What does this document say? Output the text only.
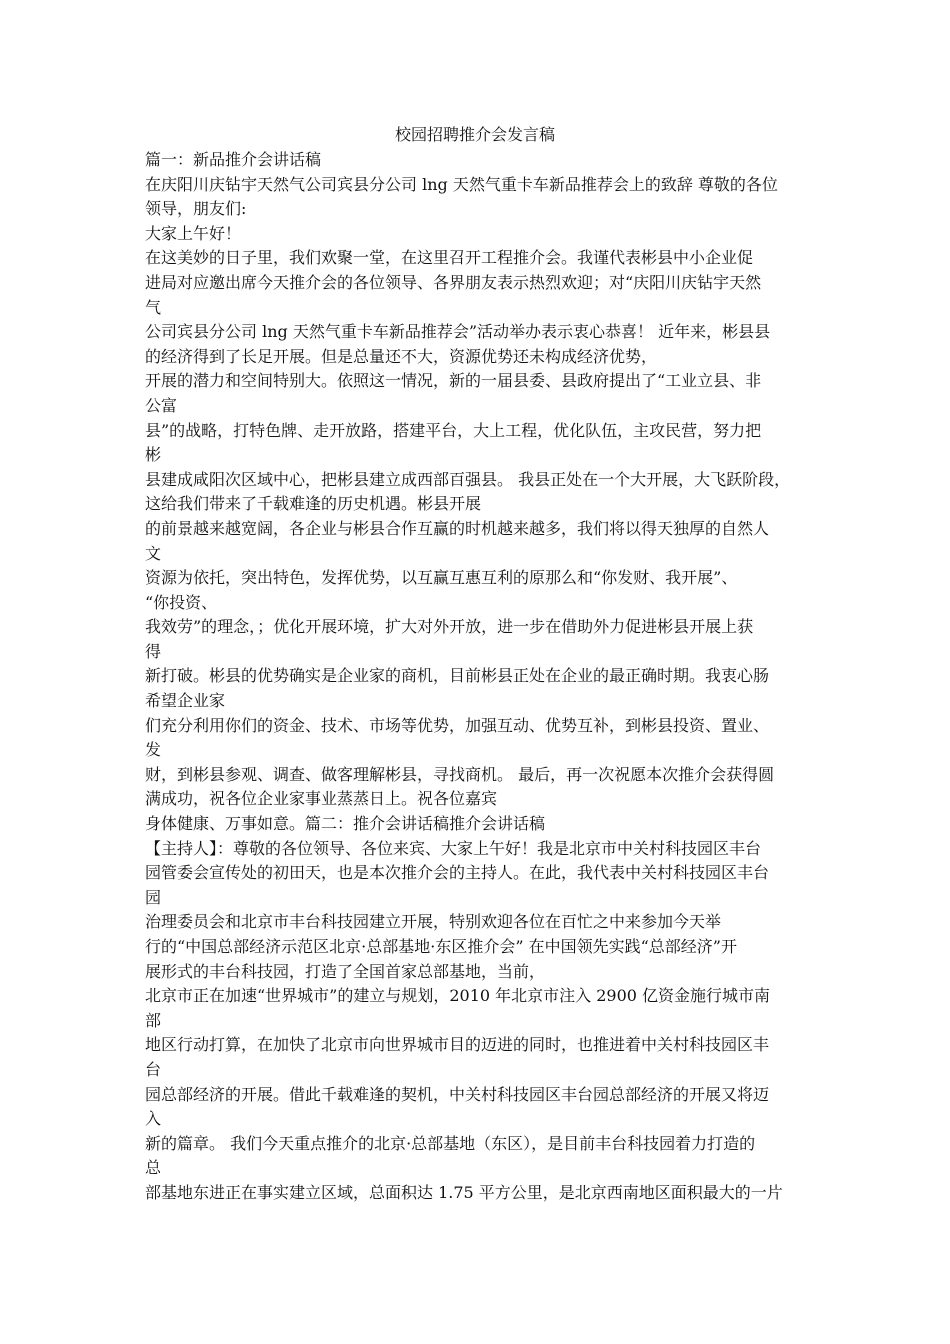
校园招聘推介会发言稿
篇一：新品推介会讲话稿
在庆阳川庆钻宇天然气公司宾县分公司 lng 天然气重卡车新品推荐会上的致辞 尊敬的各位
领导，朋友们:
大家上午好！
在这美妙的日子里，我们欢聚一堂，在这里召开工程推介会。我谨代表彬县中小企业促
进局对应邀出席今天推介会的各位领导、各界朋友表示热烈欢迎；对“庆阳川庆钻宇天然
气
公司宾县分公司 lng 天然气重卡车新品推荐会”活动举办表示衷心恭喜！ 近年来，彬县县
的经济得到了长足开展。但是总量还不大，资源优势还未构成经济优势，
开展的潜力和空间特别大。依照这一情况，新的一届县委、县政府提出了“工业立县、非
公富
县”的战略，打特色牌、走开放路，搭建平台，大上工程，优化队伍，主攻民营，努力把
彬
县建成咸阳次区域中心，把彬县建立成西部百强县。 我县正处在一个大开展，大飞跃阶段，
这给我们带来了千载难逢的历史机遇。彬县开展
的前景越来越宽阔，各企业与彬县合作互赢的时机越来越多，我们将以得天独厚的自然人
文
资源为依托，突出特色，发挥优势，以互赢互惠互利的原那么和“你发财、我开展”、
“你投资、
我效劳”的理念，；优化开展环境，扩大对外开放，进一步在借助外力促进彬县开展上获
得
新打破。彬县的优势确实是企业家的商机，目前彬县正处在企业的最正确时期。我衷心肠
希望企业家
们充分利用你们的资金、技术、市场等优势，加强互动、优势互补，到彬县投资、置业、
发
财，到彬县参观、调查、做客理解彬县，寻找商机。 最后，再一次祝愿本次推介会获得圆
满成功，祝各位企业家事业蒸蒸日上。祝各位嘉宾
身体健康、万事如意。篇二：推介会讲话稿推介会讲话稿
【主持人】：尊敬的各位领导、各位来宾、大家上午好！我是北京市中关村科技园区丰台
园管委会宣传处的初田天，也是本次推介会的主持人。在此，我代表中关村科技园区丰台
园
治理委员会和北京市丰台科技园建立开展，特别欢迎各位在百忙之中来参加今天举
行的“中国总部经济示范区北京·总部基地·东区推介会” 在中国领先实践“总部经济”开
展形式的丰台科技园，打造了全国首家总部基地，当前，
北京市正在加速“世界城市”的建立与规划，2010 年北京市注入 2900 亿资金施行城市南
部
地区行动打算，在加快了北京市向世界城市目的迈进的同时，也推进着中关村科技园区丰
台
园总部经济的开展。借此千载难逢的契机，中关村科技园区丰台园总部经济的开展又将迈
入
新的篇章。 我们今天重点推介的北京·总部基地（东区），是目前丰台科技园着力打造的
总
部基地东进正在事实建立区域，总面积达 1.75 平方公里，是北京西南地区面积最大的一片
